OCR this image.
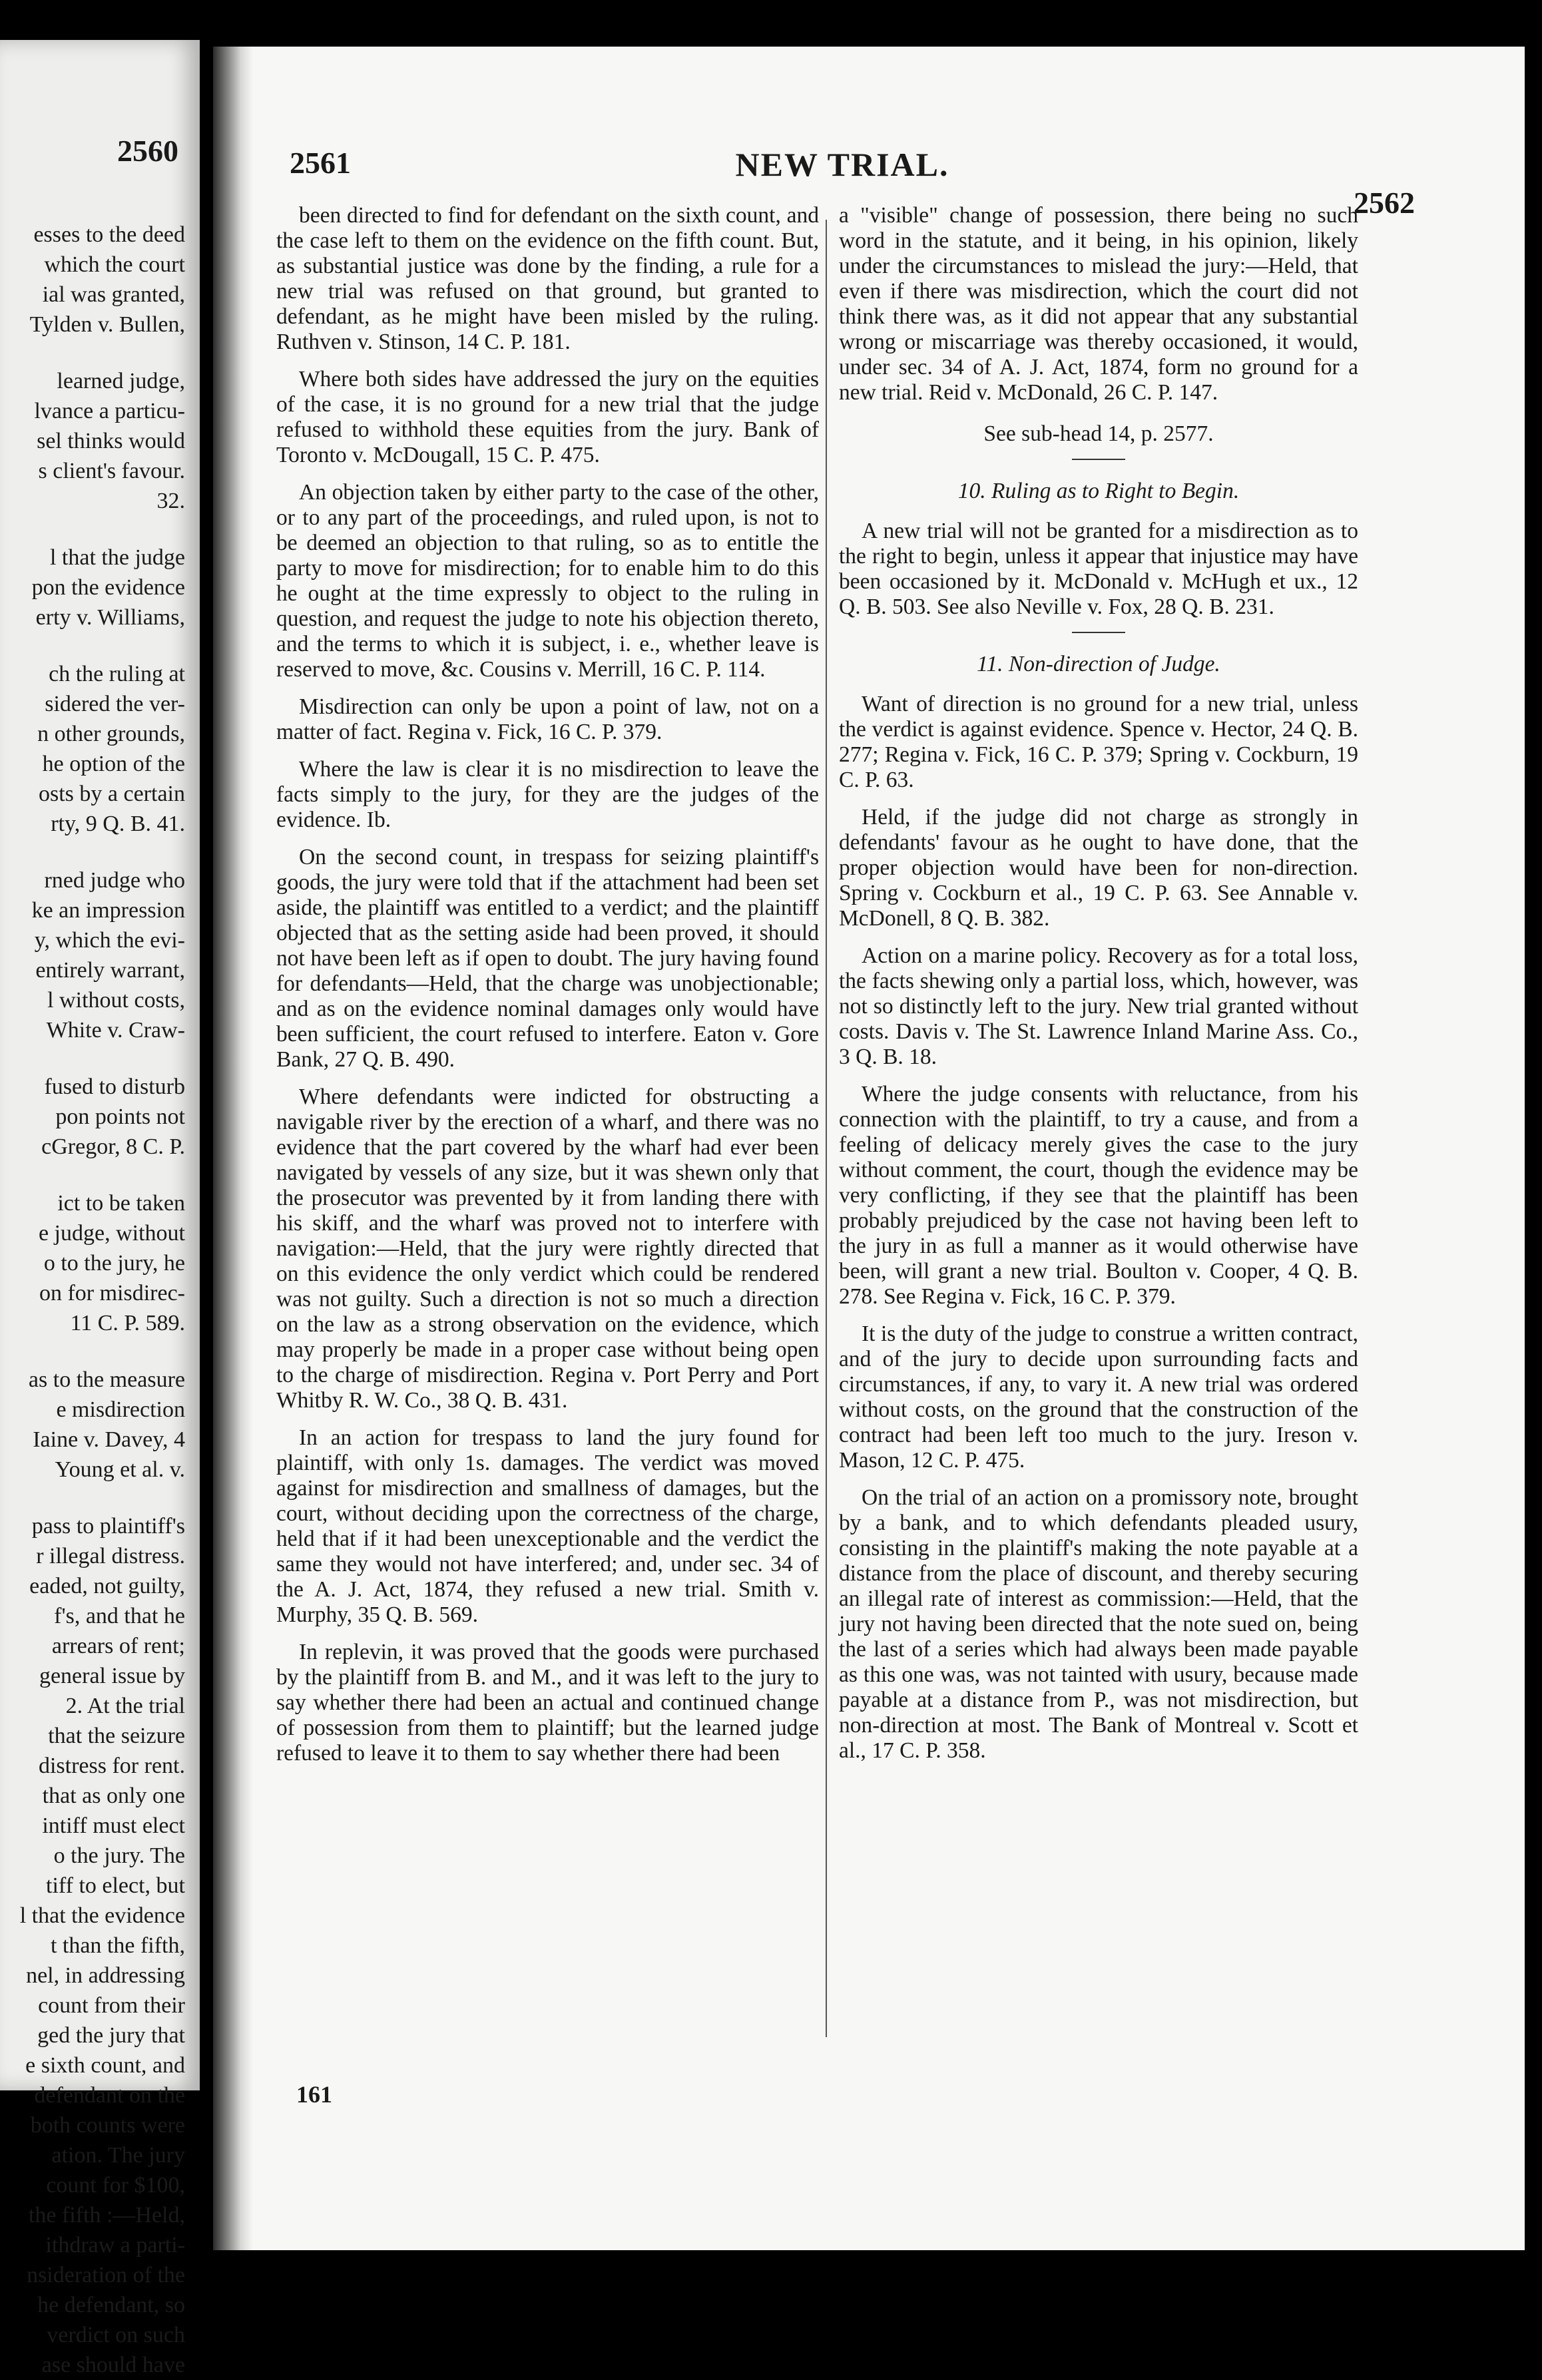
2560
esses to the deed
which the court
ial was granted,
Tylden v. Bullen,
learned judge,
lvance a particu-
sel thinks would
s client's favour.
32.
l that the judge
pon the evidence
erty v. Williams,
ch the ruling at
sidered the ver-
n other grounds,
he option of the
osts by a certain
rty, 9 Q. B. 41.
rned judge who
ke an impression
y, which the evi-
entirely warrant,
l without costs,
White v. Craw-
fused to disturb
pon points not
cGregor, 8 C. P.
ict to be taken
e judge, without
o to the jury, he
on for misdirec-
11 C. P. 589.
as to the measure
e misdirection
Iaine v. Davey, 4
Young et al. v.
pass to plaintiff's
r illegal distress.
eaded, not guilty,
f's, and that he
arrears of rent;
general issue by
2. At the trial
that the seizure
distress for rent.
that as only one
intiff must elect
o the jury. The
tiff to elect, but
l that the evidence
t than the fifth,
nel, in addressing
count from their
ged the jury that
e sixth count, and
defendant on the
both counts were
ation. The jury
count for $100,
the fifth :—Held,
ithdraw a parti-
nsideration of the
he defendant, so
verdict on such
ase should have
2561	NEW TRIAL.
2562

been directed to find for defendant on the sixth count, and the case left to them on the evidence on the fifth count. But, as substantial justice was done by the finding, a rule for a new trial was refused on that ground, but granted to defendant, as he might have been misled by the ruling. Ruthven v. Stinson, 14 C. P. 181.

Where both sides have addressed the jury on the equities of the case, it is no ground for a new trial that the judge refused to withhold these equities from the jury. Bank of Toronto v. McDougall, 15 C. P. 475.

An objection taken by either party to the case of the other, or to any part of the proceedings, and ruled upon, is not to be deemed an objection to that ruling, so as to entitle the party to move for misdirection; for to enable him to do this he ought at the time expressly to object to the ruling in question, and request the judge to note his objection thereto, and the terms to which it is subject, i. e., whether leave is reserved to move, &c. Cousins v. Merrill, 16 C. P. 114.

Misdirection can only be upon a point of law, not on a matter of fact. Regina v. Fick, 16 C. P. 379.

Where the law is clear it is no misdirection to leave the facts simply to the jury, for they are the judges of the evidence. Ib.

On the second count, in trespass for seizing plaintiff's goods, the jury were told that if the attachment had been set aside, the plaintiff was entitled to a verdict; and the plaintiff objected that as the setting aside had been proved, it should not have been left as if open to doubt. The jury having found for defendants—Held, that the charge was unobjectionable; and as on the evidence nominal damages only would have been sufficient, the court refused to interfere. Eaton v. Gore Bank, 27 Q. B. 490.

Where defendants were indicted for obstructing a navigable river by the erection of a wharf, and there was no evidence that the part covered by the wharf had ever been navigated by vessels of any size, but it was shewn only that the prosecutor was prevented by it from landing there with his skiff, and the wharf was proved not to interfere with navigation:—Held, that the jury were rightly directed that on this evidence the only verdict which could be rendered was not guilty. Such a direction is not so much a direction on the law as a strong observation on the evidence, which may properly be made in a proper case without being open to the charge of misdirection. Regina v. Port Perry and Port Whitby R. W. Co., 38 Q. B. 431.

In an action for trespass to land the jury found for plaintiff, with only 1s. damages. The verdict was moved against for misdirection and smallness of damages, but the court, without deciding upon the correctness of the charge, held that if it had been unexceptionable and the verdict the same they would not have interfered; and, under sec. 34 of the A. J. Act, 1874, they refused a new trial. Smith v. Murphy, 35 Q. B. 569.

In replevin, it was proved that the goods were purchased by the plaintiff from B. and M., and it was left to the jury to say whether there had been an actual and continued change of possession from them to plaintiff; but the learned judge refused to leave it to them to say whether there had been

a "visible" change of possession, there being no such word in the statute, and it being, in his opinion, likely under the circumstances to mislead the jury:—Held, that even if there was misdirection, which the court did not think there was, as it did not appear that any substantial wrong or miscarriage was thereby occasioned, it would, under sec. 34 of A. J. Act, 1874, form no ground for a new trial. Reid v. McDonald, 26 C. P. 147.

See sub-head 14, p. 2577.

10. Ruling as to Right to Begin.

A new trial will not be granted for a misdirection as to the right to begin, unless it appear that injustice may have been occasioned by it. McDonald v. McHugh et ux., 12 Q. B. 503. See also Neville v. Fox, 28 Q. B. 231.

11. Non-direction of Judge.

Want of direction is no ground for a new trial, unless the verdict is against evidence. Spence v. Hector, 24 Q. B. 277; Regina v. Fick, 16 C. P. 379; Spring v. Cockburn, 19 C. P. 63.

Held, if the judge did not charge as strongly in defendants' favour as he ought to have done, that the proper objection would have been for non-direction. Spring v. Cockburn et al., 19 C. P. 63. See Annable v. McDonell, 8 Q. B. 382.

Action on a marine policy. Recovery as for a total loss, the facts shewing only a partial loss, which, however, was not so distinctly left to the jury. New trial granted without costs. Davis v. The St. Lawrence Inland Marine Ass. Co., 3 Q. B. 18.

Where the judge consents with reluctance, from his connection with the plaintiff, to try a cause, and from a feeling of delicacy merely gives the case to the jury without comment, the court, though the evidence may be very conflicting, if they see that the plaintiff has been probably prejudiced by the case not having been left to the jury in as full a manner as it would otherwise have been, will grant a new trial. Boulton v. Cooper, 4 Q. B. 278. See Regina v. Fick, 16 C. P. 379.

It is the duty of the judge to construe a written contract, and of the jury to decide upon surrounding facts and circumstances, if any, to vary it. A new trial was ordered without costs, on the ground that the construction of the contract had been left too much to the jury. Ireson v. Mason, 12 C. P. 475.

On the trial of an action on a promissory note, brought by a bank, and to which defendants pleaded usury, consisting in the plaintiff's making the note payable at a distance from the place of discount, and thereby securing an illegal rate of interest as commission:—Held, that the jury not having been directed that the note sued on, being the last of a series which had always been made payable as this one was, was not tainted with usury, because made payable at a distance from P., was not misdirection, but non-direction at most. The Bank of Montreal v. Scott et al., 17 C. P. 358.

161
